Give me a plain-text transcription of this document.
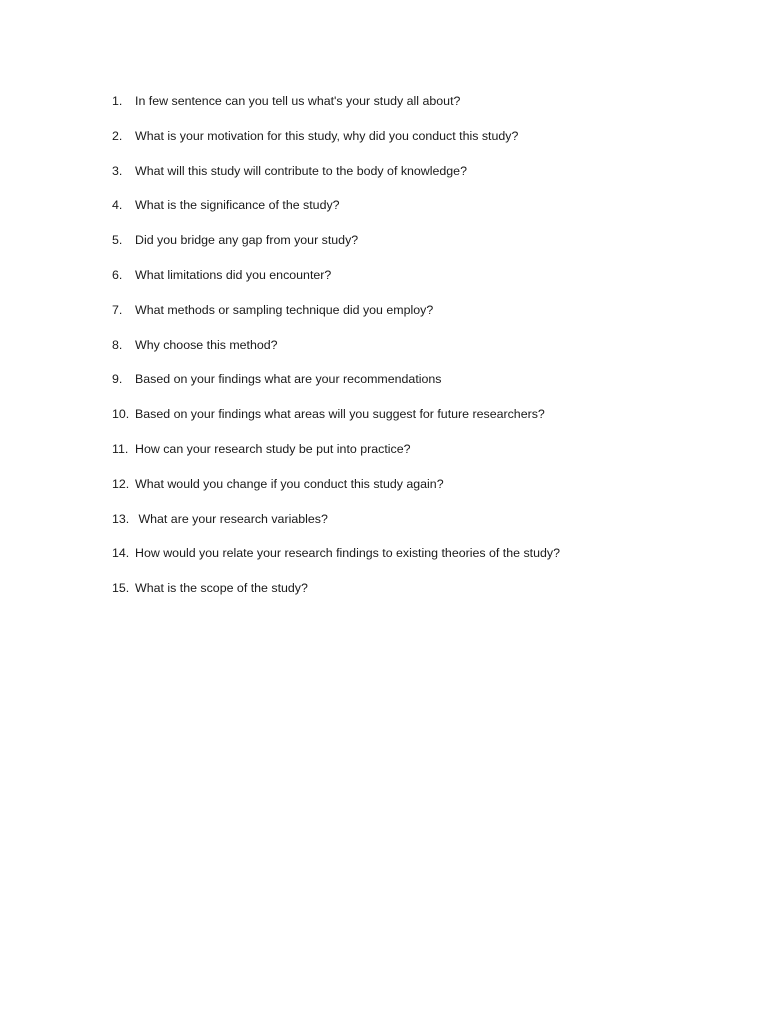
1. In few sentence can you tell us what's your study all about?
2. What is your motivation for this study, why did you conduct this study?
3. What will this study will contribute to the body of knowledge?
4. What is the significance of the study?
5. Did you bridge any gap from your study?
6. What limitations did you encounter?
7. What methods or sampling technique did you employ?
8. Why choose this method?
9. Based on your findings what are your recommendations
10. Based on your findings what areas will you suggest for future researchers?
11. How can your research study be put into practice?
12. What would you change if you conduct this study again?
13. What are your research variables?
14. How would you relate your research findings to existing theories of the study?
15. What is the scope of the study?
